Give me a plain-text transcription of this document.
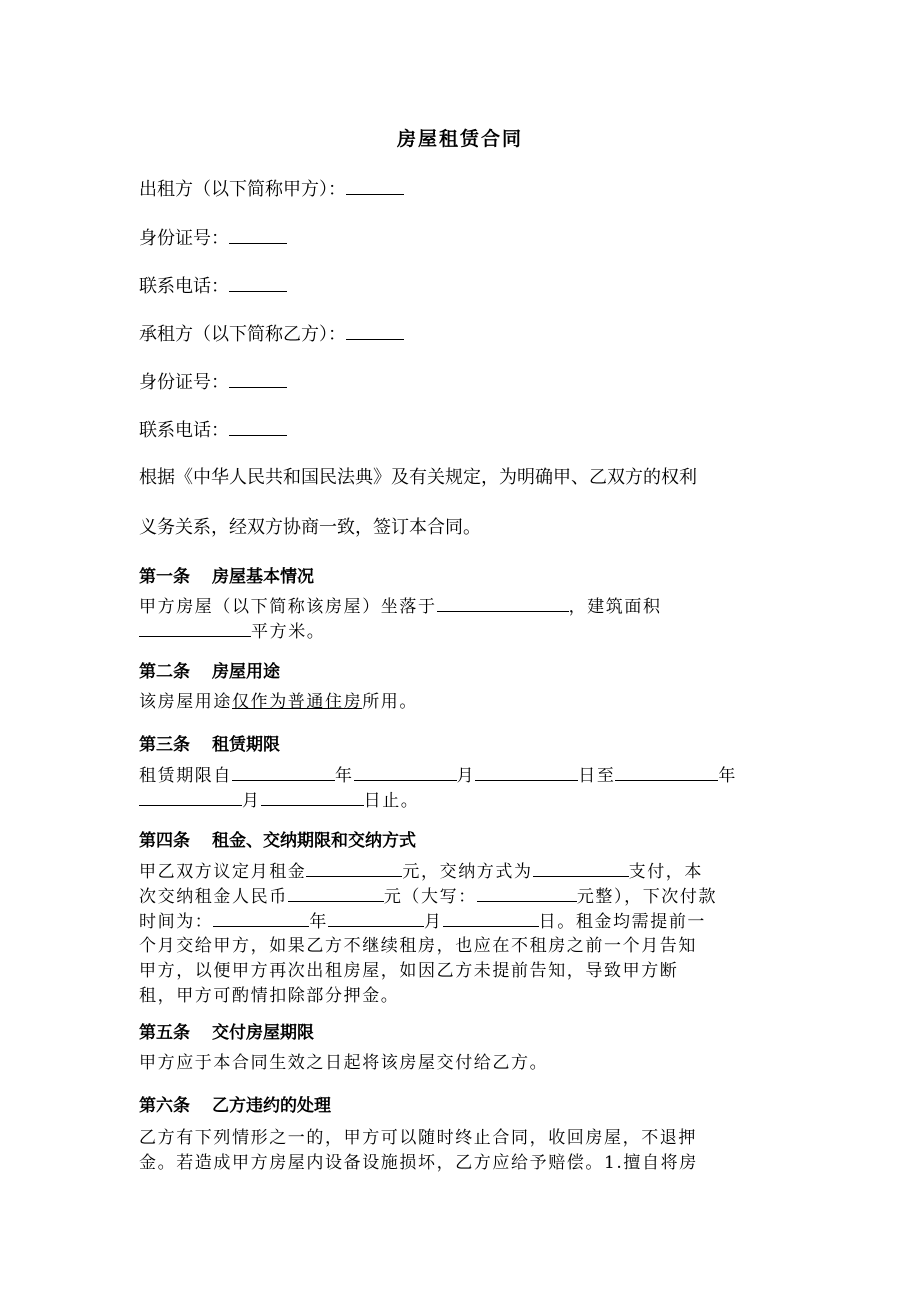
房屋租赁合同
出租方（以下简称甲方）：
身份证号：
联系电话：
承租方（以下简称乙方）：
身份证号：
联系电话：
根据《中华人民共和国民法典》及有关规定，为明确甲、乙双方的权利
义务关系，经双方协商一致，签订本合同。
第一条 房屋基本情况
甲方房屋（以下简称该房屋）坐落于	，建筑面积
平方米。
第二条 房屋用途
该房屋用途仅作为普通住房所用。
第三条 租赁期限
租赁期限自	年	月	日至	年
月	日止。
第四条 租金、交纳期限和交纳方式
甲乙双方议定月租金	元，交纳方式为	支付，本
次交纳租金人民币	元（大写：	元整），下次付款
时间为：	年	月	日。租金均需提前一
个月交给甲方，如果乙方不继续租房，也应在不租房之前一个月告知
甲方，以便甲方再次出租房屋，如因乙方未提前告知，导致甲方断
租，甲方可酌情扣除部分押金。
第五条 交付房屋期限
甲方应于本合同生效之日起将该房屋交付给乙方。
第六条 乙方违约的处理
乙方有下列情形之一的，甲方可以随时终止合同，收回房屋，不退押
金。若造成甲方房屋内设备设施损坏，乙方应给予赔偿。1.擅自将房
